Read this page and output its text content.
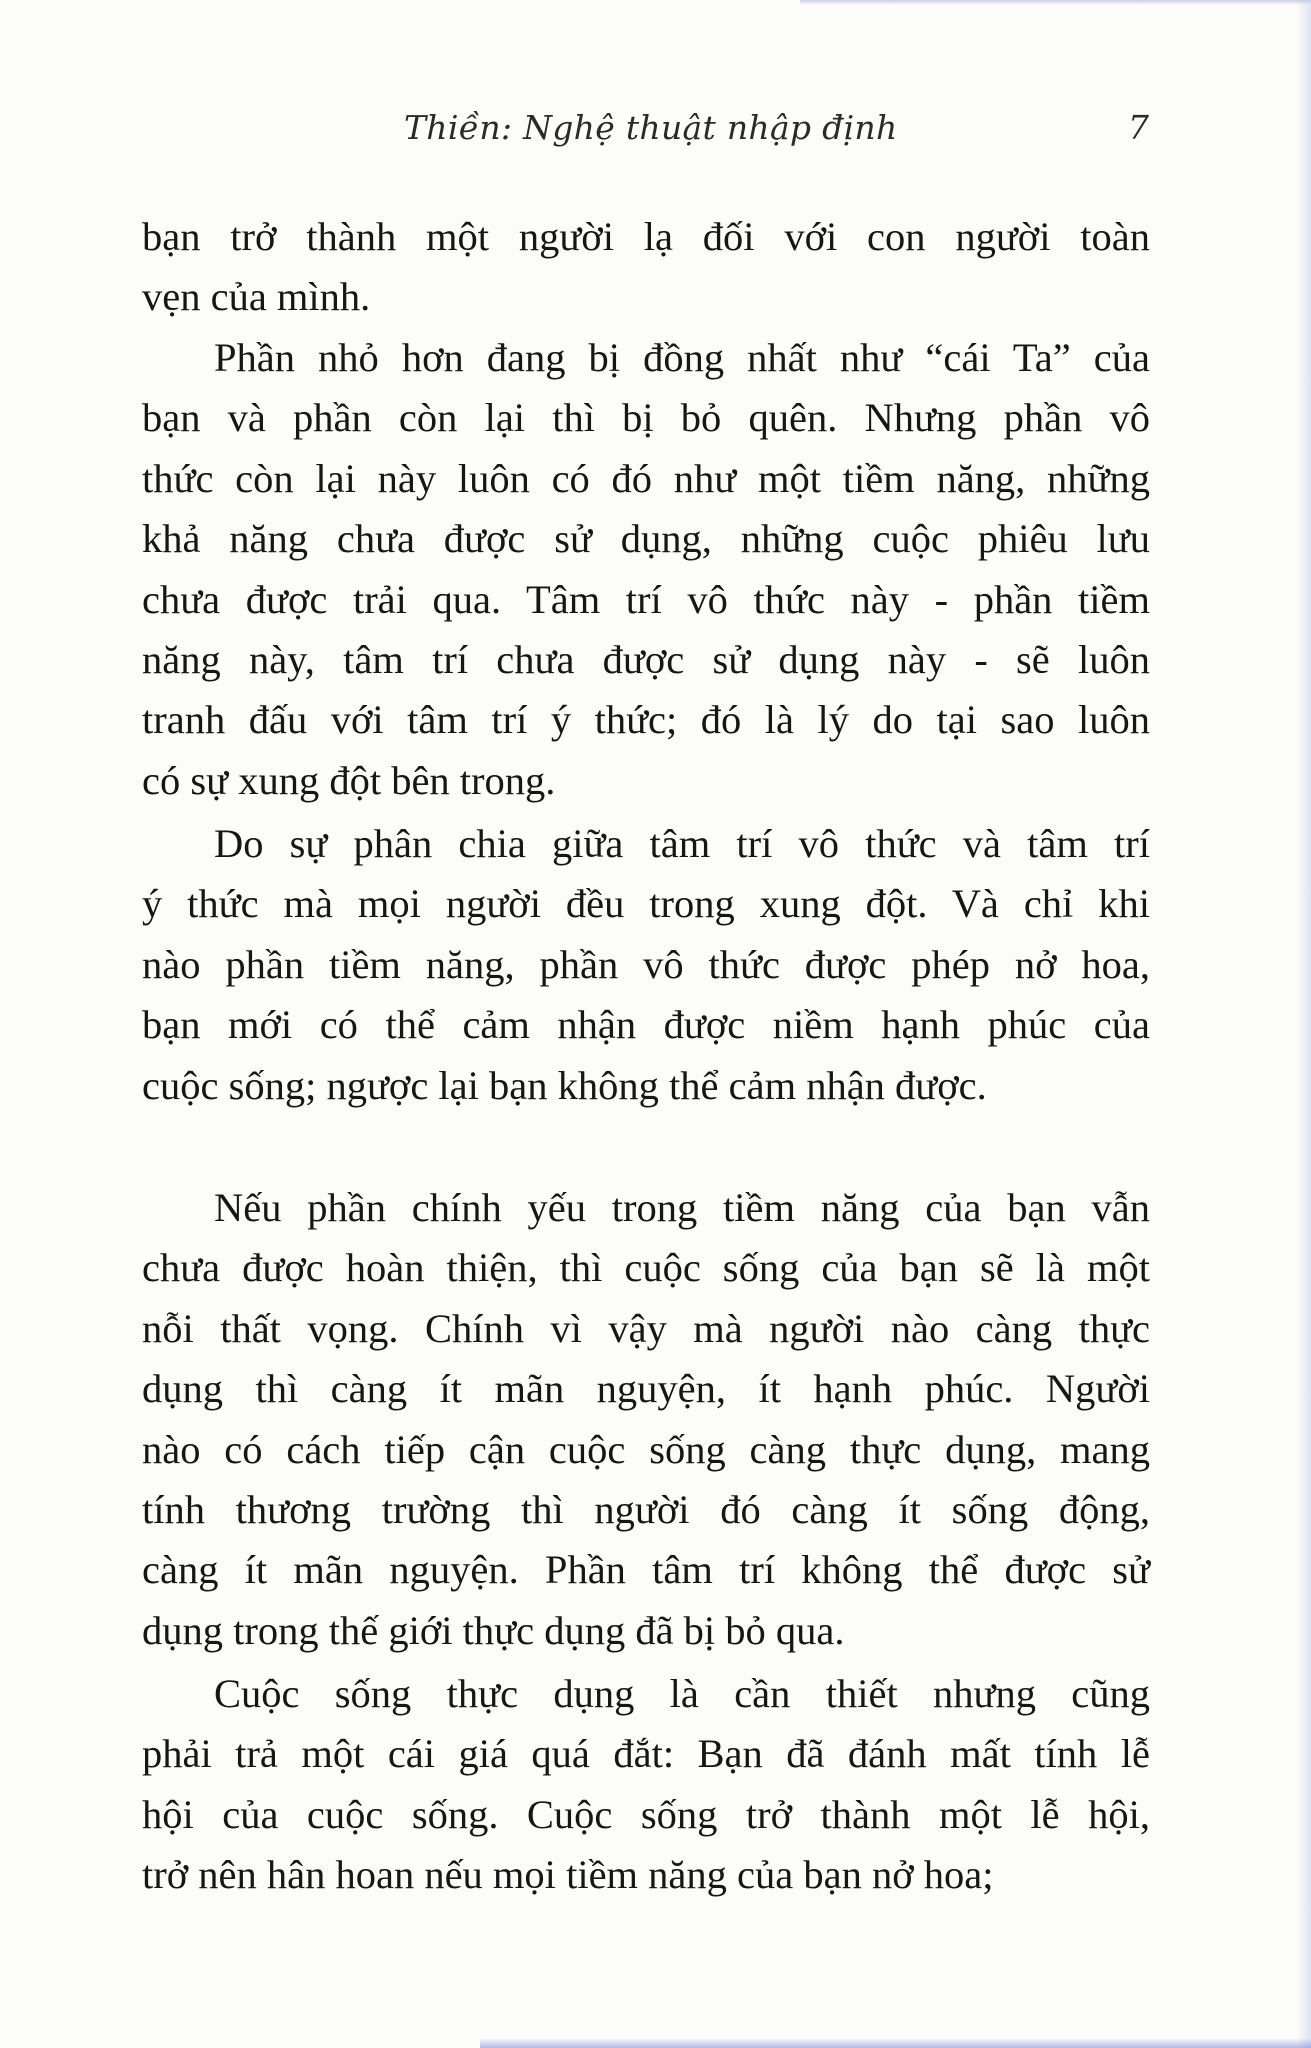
Thiền: Nghệ thuật nhập định	7
bạn trở thành một người lạ đối với con người toàn
vẹn của mình.
Phần nhỏ hơn đang bị đồng nhất như “cái Ta” của
bạn và phần còn lại thì bị bỏ quên. Nhưng phần vô
thức còn lại này luôn có đó như một tiềm năng, những
khả năng chưa được sử dụng, những cuộc phiêu lưu
chưa được trải qua. Tâm trí vô thức này - phần tiềm
năng này, tâm trí chưa được sử dụng này - sẽ luôn
tranh đấu với tâm trí ý thức; đó là lý do tại sao luôn
có sự xung đột bên trong.
Do sự phân chia giữa tâm trí vô thức và tâm trí
ý thức mà mọi người đều trong xung đột. Và chỉ khi
nào phần tiềm năng, phần vô thức được phép nở hoa,
bạn mới có thể cảm nhận được niềm hạnh phúc của
cuộc sống; ngược lại bạn không thể cảm nhận được.
Nếu phần chính yếu trong tiềm năng của bạn vẫn
chưa được hoàn thiện, thì cuộc sống của bạn sẽ là một
nỗi thất vọng. Chính vì vậy mà người nào càng thực
dụng thì càng ít mãn nguyện, ít hạnh phúc. Người
nào có cách tiếp cận cuộc sống càng thực dụng, mang
tính thương trường thì người đó càng ít sống động,
càng ít mãn nguyện. Phần tâm trí không thể được sử
dụng trong thế giới thực dụng đã bị bỏ qua.
Cuộc sống thực dụng là cần thiết nhưng cũng
phải trả một cái giá quá đắt: Bạn đã đánh mất tính lễ
hội của cuộc sống. Cuộc sống trở thành một lễ hội,
trở nên hân hoan nếu mọi tiềm năng của bạn nở hoa;
